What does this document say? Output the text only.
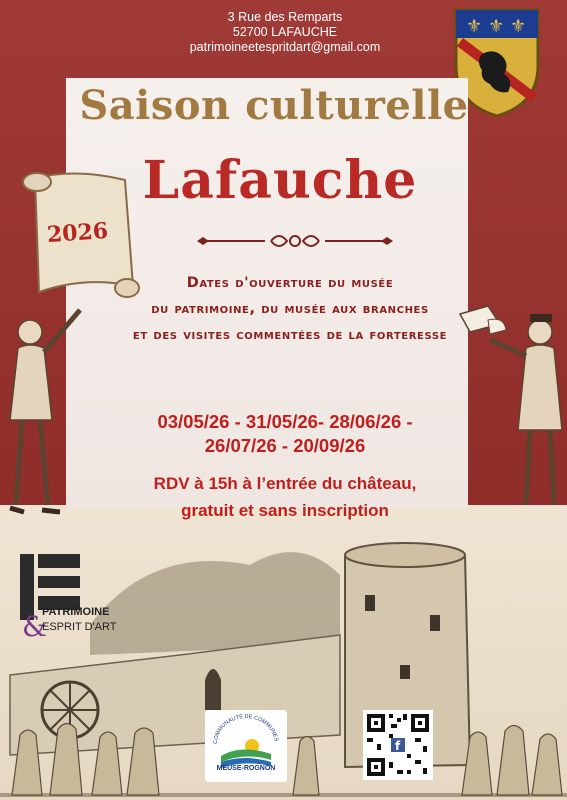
3 Rue des Remparts
52700 LAFAUCHE
patrimoineetespritdart@gmail.com
⚜ ⚜ ⚜
Saison culturelle
Lafauche
2026
Dates d'ouverture du musée
du patrimoine, du musée aux branches
et des visites commentées de la forteresse
03/05/26 - 31/05/26- 28/06/26 -
26/07/26 - 20/09/26
RDV à 15h à l’entrée du château,
gratuit et sans inscription
&
PATRIMOINE
ESPRIT D'ART
COMMUNAUTÉ DE COMMUNES
MEUSE-ROGNON
f
